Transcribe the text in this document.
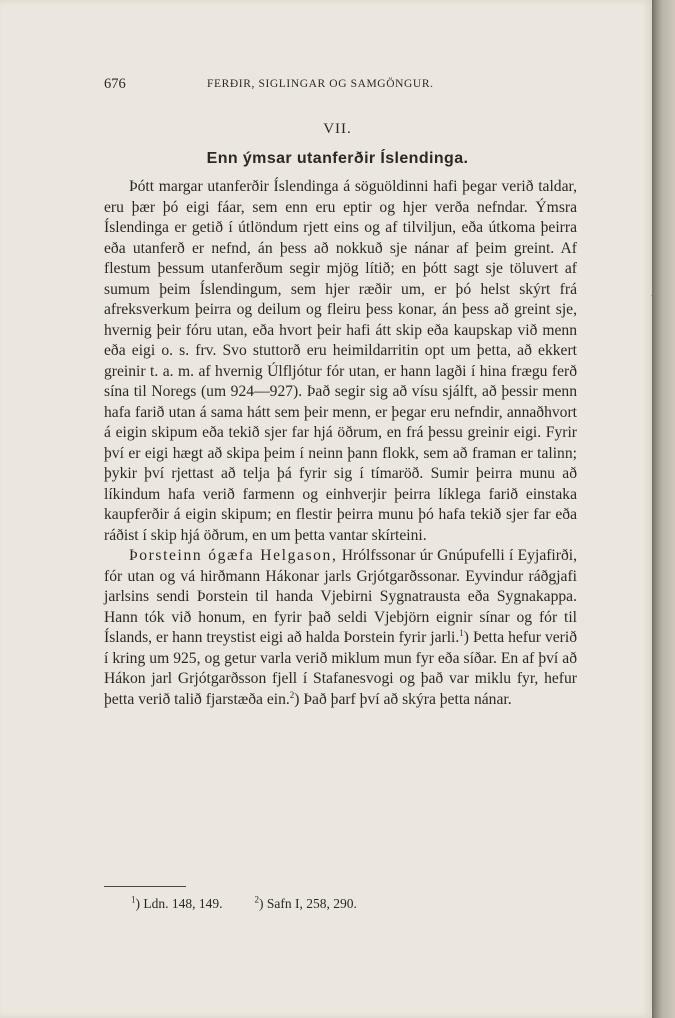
676	FERÐIR, SIGLINGAR OG SAMGÖNGUR.
VII.
Enn ýmsar utanferðir Íslendinga.

Þótt margar utanferðir Íslendinga á söguöldinni hafi þegar verið taldar, eru þær þó eigi fáar, sem enn eru eptir og hjer verða nefndar. Ýmsra Íslendinga er getið í útlöndum rjett eins og af tilviljun, eða útkoma þeirra eða utanferð er nefnd, án þess að nokkuð sje nánar af þeim greint. Af flestum þessum utanferðum segir mjög lítið; en þótt sagt sje töluvert af sumum þeim Íslendingum, sem hjer ræðir um, er þó helst skýrt frá afreksverkum þeirra og deilum og fleiru þess konar, án þess að greint sje, hvernig þeir fóru utan, eða hvort þeir hafi átt skip eða kaupskap við menn eða eigi o. s. frv. Svo stuttorð eru heimildarritin opt um þetta, að ekkert greinir t. a. m. af hvernig Úlfljótur fór utan, er hann lagði í hina frægu ferð sína til Noregs (um 924—927). Það segir sig að vísu sjálft, að þessir menn hafa farið utan á sama hátt sem þeir menn, er þegar eru nefndir, annaðhvort á eigin skipum eða tekið sjer far hjá öðrum, en frá þessu greinir eigi. Fyrir því er eigi hægt að skipa þeim í neinn þann flokk, sem að framan er talinn; þykir því rjettast að telja þá fyrir sig í tímaröð. Sumir þeirra munu að líkindum hafa verið farmenn og einhverjir þeirra líklega farið einstaka kaupferðir á eigin skipum; en flestir þeirra munu þó hafa tekið sjer far eða ráðist í skip hjá öðrum, en um þetta vantar skírteini.

Þorsteinn ógæfa Helgason, Hrólfssonar úr Gnúpufelli í Eyjafirði, fór utan og vá hirðmann Hákonar jarls Grjótgarðssonar. Eyvindur ráðgjafi jarlsins sendi Þorstein til handa Vjebirni Sygnatrausta eða Sygnakappa. Hann tók við honum, en fyrir það seldi Vjebjörn eignir sínar og fór til Íslands, er hann treystist eigi að halda Þorstein fyrir jarli.$^1$) Þetta hefur verið í kring um 925, og getur varla verið miklum mun fyr eða síðar. En af því að Hákon jarl Grjótgarðsson fjell í Stafanesvogi og það var miklu fyr, hefur þetta verið talið fjarstæða ein.$^2$) Það þarf því að skýra þetta nánar.

$^1$) Ldn. 148, 149.	$^2$) Safn I, 258, 290.
